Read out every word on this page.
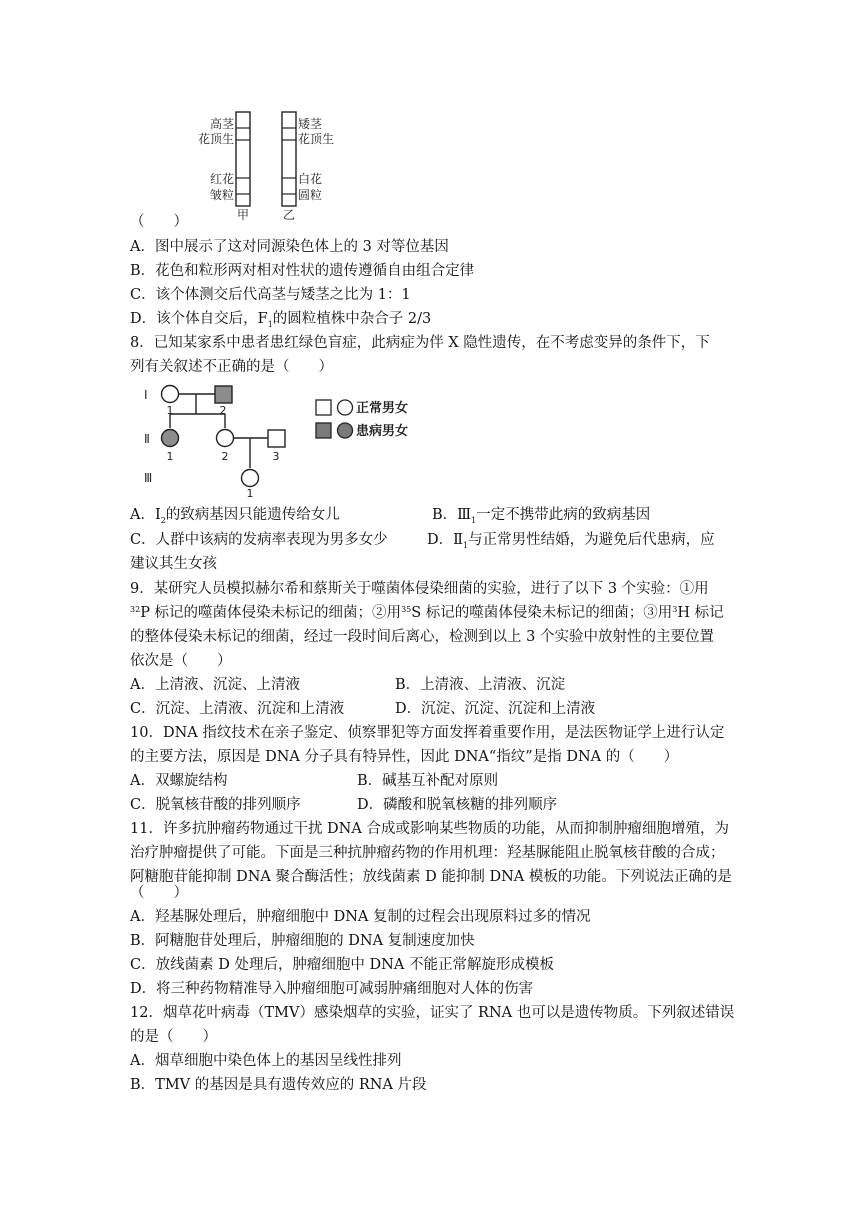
高茎
花顶生
红花
皱粒
矮茎
花顶生
白花
圆粒
甲	乙
（　　）
A．图中展示了这对同源染色体上的 3 对等位基因
B．花色和粒形两对相对性状的遗传遵循自由组合定律
C．该个体测交后代高茎与矮茎之比为 1：1
D．该个体自交后，$F_1$的圆粒植株中杂合子 2/3
8．已知某家系中患者患红绿色盲症，此病症为伴 X 隐性遗传，在不考虑变异的条件下，下
列有关叙述不正确的是（　　）
Ⅰ
Ⅱ
Ⅲ
1	2
1	2	3
1
正常男女
患病男女
A．$Ⅰ_2$的致病基因只能遗传给女儿	B．$Ⅲ_1$一定不携带此病的致病基因
C．人群中该病的发病率表现为男多女少	D．$Ⅱ_1$与正常男性结婚，为避免后代患病，应
建议其生女孩
9．某研究人员模拟赫尔希和蔡斯关于噬菌体侵染细菌的实验，进行了以下 3 个实验：①用
$^{32}$P 标记的噬菌体侵染未标记的细菌；②用$^{35}$S 标记的噬菌体侵染未标记的细菌；③用$^3$H 标记
的整体侵染未标记的细菌，经过一段时间后离心，检测到以上 3 个实验中放射性的主要位置
依次是（　　）
A．上清液、沉淀、上清液	B．上清液、上清液、沉淀
C．沉淀、上清液、沉淀和上清液	D．沉淀、沉淀、沉淀和上清液
10．DNA 指纹技术在亲子鉴定、侦察罪犯等方面发挥着重要作用，是法医物证学上进行认定
的主要方法，原因是 DNA 分子具有特异性，因此 DNA“指纹”是指 DNA 的（　　）
A．双螺旋结构	B．碱基互补配对原则
C．脱氧核苷酸的排列顺序	D．磷酸和脱氧核糖的排列顺序
11．许多抗肿瘤药物通过干扰 DNA 合成或影响某些物质的功能，从而抑制肿瘤细胞增殖，为
治疗肿瘤提供了可能。下面是三种抗肿瘤药物的作用机理：羟基脲能阻止脱氧核苷酸的合成；
阿糖胞苷能抑制 DNA 聚合酶活性；放线菌素 D 能抑制 DNA 模板的功能。下列说法正确的是
（　　）
A．羟基脲处理后，肿瘤细胞中 DNA 复制的过程会出现原料过多的情况
B．阿糖胞苷处理后，肿瘤细胞的 DNA 复制速度加快
C．放线菌素 D 处理后，肿瘤细胞中 DNA 不能正常解旋形成模板
D．将三种药物精准导入肿瘤细胞可减弱肿痛细胞对人体的伤害
12．烟草花叶病毒（TMV）感染烟草的实验，证实了 RNA 也可以是遗传物质。下列叙述错误
的是（　　）
A．烟草细胞中染色体上的基因呈线性排列
B．TMV 的基因是具有遗传效应的 RNA 片段
